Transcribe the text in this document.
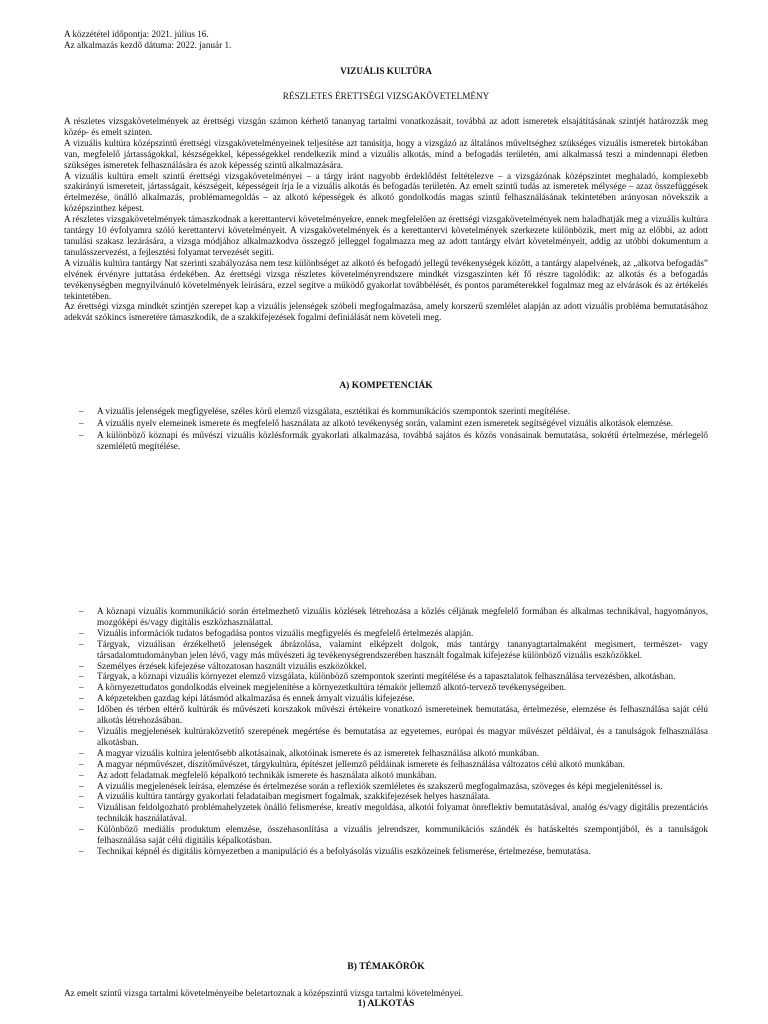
A közzététel időpontja: 2021. július 16.

Az alkalmazás kezdő dátuma: 2022. január 1.

VIZUÁLIS KULTÚRA

RÉSZLETES ÉRETTSÉGI VIZSGAKÖVETELMÉNY

A részletes vizsgakövetelmények az érettségi vizsgán számon kérhető tananyag tartalmi vonatkozásait, továbbá az adott ismeretek elsajátításának szintjét határozzák meg közép- és emelt szinten.

A vizuális kultúra középszintű érettségi vizsgakövetelményeinek teljesítése azt tanúsítja, hogy a vizsgázó az általános műveltséghez szükséges vizuális ismeretek birtokában van, megfelelő jártasságokkal, készségekkel, képességekkel rendelkezik mind a vizuális alkotás, mind a befogadás területén, ami alkalmassá teszi a mindennapi életben szükséges ismeretek felhasználására és azok képesség szintű alkalmazására.

A vizuális kultúra emelt szintű érettségi vizsgakövetelményei – a tárgy iránt nagyobb érdeklődést feltételezve – a vizsgázónak középszintet meghaladó, komplexebb szakirányú ismereteit, jártasságait, készségeit, képességeit írja le a vizuális alkotás és befogadás területén. Az emelt szintű tudás az ismeretek mélysége – azaz összefüggések értelmezése, önálló alkalmazás, problémamegoldás – az alkotó képességek és alkotó gondolkodás magas szintű felhasználásának tekintetében arányosan növekszik a középszinthez képest.

A részletes vizsgakövetelmények támaszkodnak a kerettantervi követelményekre, ennek megfelelően az érettségi vizsgakövetelmények nem haladhatják meg a vizuális kultúra tantárgy 10 évfolyamra szóló kerettantervi követelményeit. A vizsgakövetelmények és a kerettantervi követelmények szerkezete különbözik, mert míg az előbbi, az adott tanulási szakasz lezárására, a vizsga módjához alkalmazkodva összegző jelleggel fogalmazza meg az adott tantárgy elvárt követelményeit, addig az utóbbi dokumentum a tanulásszervezést, a fejlesztési folyamat tervezését segíti.

A vizuális kultúra tantárgy Nat szerinti szabályozása nem tesz különbséget az alkotó és befogadó jellegű tevékenységek között, a tantárgy alapelvének, az „alkotva befogadás” elvének érvényre juttatása érdekében. Az érettségi vizsga részletes követelményrendszere mindkét vizsgaszinten két fő részre tagolódik: az alkotás és a befogadás tevékenységben megnyilvánuló követelmények leírására, ezzel segítve a működő gyakorlat továbbélését, és pontos paraméterekkel fogalmaz meg az elvárások és az értékelés tekintetében.

Az érettségi vizsga mindkét szintjén szerepet kap a vizuális jelenségek szóbeli megfogalmazása, amely korszerű szemlélet alapján az adott vizuális probléma bemutatásához adekvát szókincs ismeretére támaszkodik, de a szakkifejezések fogalmi definiálását nem követeli meg.

A) KOMPETENCIÁK

– A vizuális jelenségek megfigyelése, széles körű elemző vizsgálata, esztétikai és kommunikációs szempontok szerinti megítélése.
– A vizuális nyelv elemeinek ismerete és megfelelő használata az alkotó tevékenység során, valamint ezen ismeretek segítségével vizuális alkotások elemzése.
– A különböző köznapi és művészi vizuális közlésformák gyakorlati alkalmazása, továbbá sajátos és közös vonásainak bemutatása, sokrétű értelmezése, mérlegelő szemléletű megítélése.
– A köznapi vizuális kommunikáció során értelmezhető vizuális közlések létrehozása a közlés céljának megfelelő formában és alkalmas technikával, hagyományos, mozgóképi és/vagy digitális eszközhasználattal.
– Vizuális információk tudatos befogadása pontos vizuális megfigyelés és megfelelő értelmezés alapján.
– Tárgyak, vizuálisan érzékelhető jelenségek ábrázolása, valamint elképzelt dolgok, más tantárgy tananyagtartalmaként megismert, természet- vagy társadalomtudományban jelen lévő, vagy más művészeti ág tevékenységrendszerében használt fogalmak kifejezése különböző vizuális eszközökkel.
– Személyes érzések kifejezése változatosan használt vizuális eszközökkel.
– Tárgyak, a köznapi vizuális környezet elemző vizsgálata, különböző szempontok szerinti megítélése és a tapasztalatok felhasználása tervezésben, alkotásban.
– A környezettudatos gondolkodás elveinek megjelenítése a környezetkultúra témakör jellemző alkotó-tervező tevékenységeiben.
– A képzetekben gazdag képi látásmód alkalmazása és ennek árnyalt vizuális kifejezése.
– Időben és térben eltérő kultúrák és művészeti korszakok művészi értékeire vonatkozó ismereteinek bemutatása, értelmezése, elemzése és felhasználása saját célú alkotás létrehozásában.
– Vizuális megjelenések kultúraközvetítő szerepének megértése és bemutatása az egyetemes, európai és magyar művészet példáival, és a tanulságok felhasználása alkotásban.
– A magyar vizuális kultúra jelentősebb alkotásainak, alkotóinak ismerete és az ismeretek felhasználása alkotó munkában.
– A magyar népművészet, díszítőművészet, tárgykultúra, építészet jellemző példáinak ismerete és felhasználása változatos célú alkotó munkában.
– Az adott feladatnak megfelelő képalkotó technikák ismerete és használata alkotó munkában.
– A vizuális megjelenések leírása, elemzése és értelmezése során a reflexiók szemléletes és szakszerű megfogalmazása, szöveges és képi megjelenítéssel is.
– A vizuális kultúra tantárgy gyakorlati feladataiban megismert fogalmak, szakkifejezések helyes használata.
– Vizuálisan feldolgozható problémahelyzetek önálló felismerése, kreatív megoldása, alkotói folyamat önreflektív bemutatásával, analóg és/vagy digitális prezentációs technikák használatával.
– Különböző mediális produktum elemzése, összehasonlítása a vizuális jelrendszer, kommunikációs szándék és hatáskeltés szempontjából, és a tanulságok felhasználása saját célú digitális képalkotásban.
– Technikai képnél és digitális környezetben a manipuláció és a befolyásolás vizuális eszközeinek felismerése, értelmezése, bemutatása.

B) TÉMAKÖRÖK

Az emelt szintű vizsga tartalmi követelményeibe beletartoznak a középszintű vizsga tartalmi követelményei.

1) ALKOTÁS
